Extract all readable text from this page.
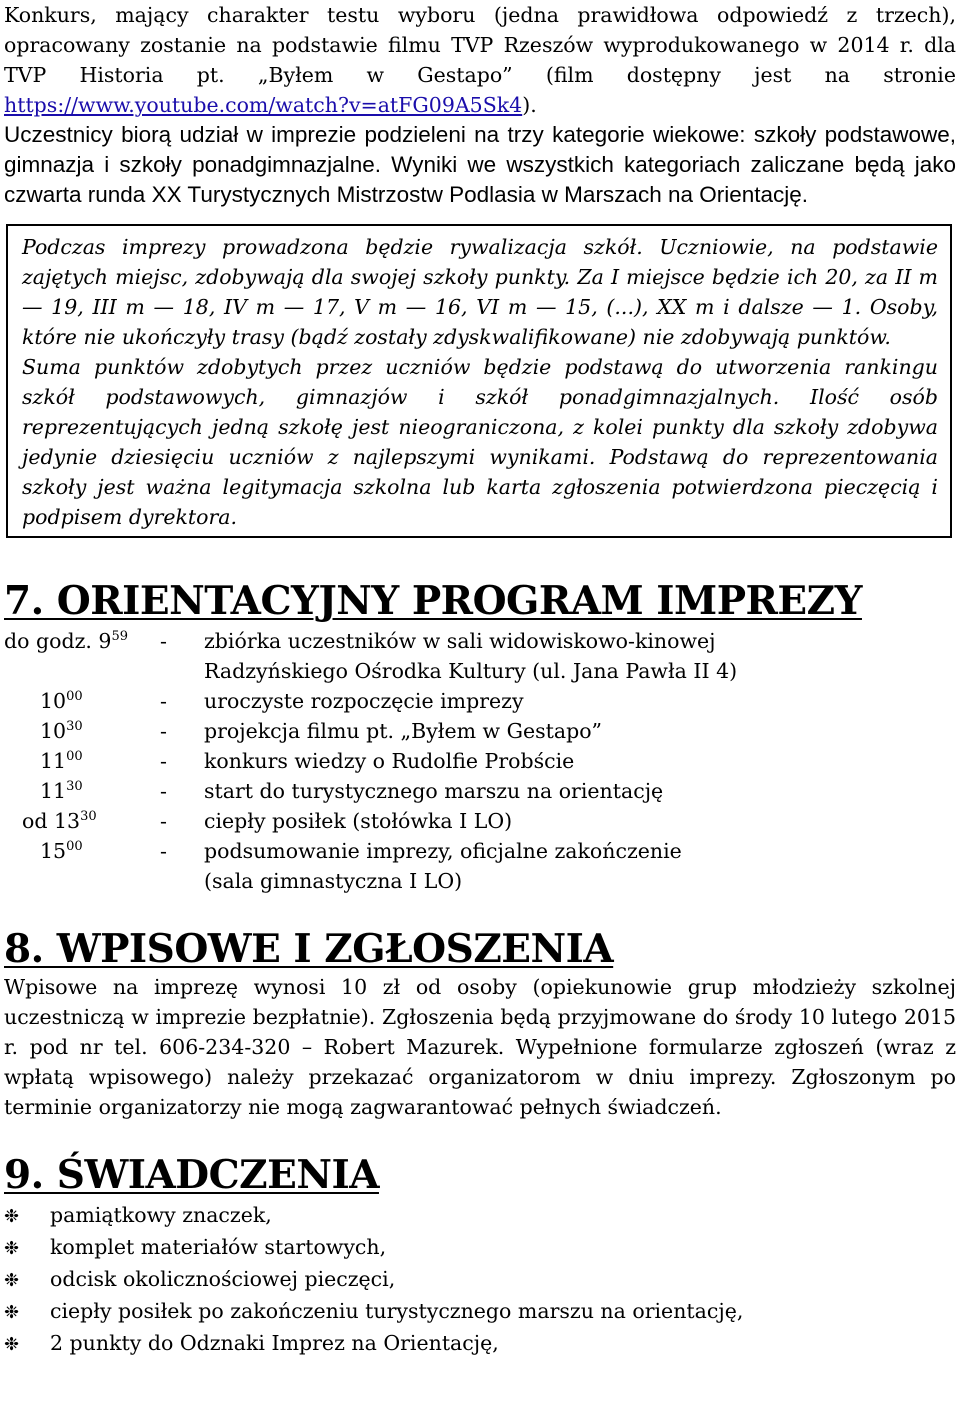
Konkurs, mający charakter testu wyboru (jedna prawidłowa odpowiedź z trzech), opracowany zostanie na podstawie filmu TVP Rzeszów wyprodukowanego w 2014 r. dla TVP Historia pt. „Byłem w Gestapo” (film dostępny jest na stronie https://www.youtube.com/watch?v=atFG09A5Sk4).

Uczestnicy biorą udział w imprezie podzieleni na trzy kategorie wiekowe: szkoły podstawowe, gimnazja i szkoły ponadgimnazjalne. Wyniki we wszystkich kategoriach zaliczane będą jako czwarta runda XX Turystycznych Mistrzostw Podlasia w Marszach na Orientację.

Podczas imprezy prowadzona będzie rywalizacja szkół. Uczniowie, na podstawie zajętych miejsc, zdobywają dla swojej szkoły punkty. Za I miejsce będzie ich 20, za II m — 19, III m — 18, IV m — 17, V m — 16, VI m — 15, (...), XX m i dalsze — 1. Osoby, które nie ukończyły trasy (bądź zostały zdyskwalifikowane) nie zdobywają punktów.

Suma punktów zdobytych przez uczniów będzie podstawą do utworzenia rankingu szkół podstawowych, gimnazjów i szkół ponadgimnazjalnych. Ilość osób reprezentujących jedną szkołę jest nieograniczona, z kolei punkty dla szkoły zdobywa jedynie dziesięciu uczniów z najlepszymi wynikami. Podstawą do reprezentowania szkoły jest ważna legitymacja szkolna lub karta zgłoszenia potwierdzona pieczęcią i podpisem dyrektora.

7. ORIENTACYJNY PROGRAM IMPREZY
do godz. $9^{59}$	-	zbiórka uczestników w sali widowiskowo-kinowej
Radzyńskiego Ośrodka Kultury (ul. Jana Pawła II 4)

$10^{00}$	-	uroczyste rozpoczęcie imprezy

$10^{30}$	-	projekcja filmu pt. „Byłem w Gestapo”

$11^{00}$	-	konkurs wiedzy o Rudolfie Probście

$11^{30}$	-	start do turystycznego marszu na orientację

od $13^{30}$	-	ciepły posiłek (stołówka I LO)

$15^{00}$	-	podsumowanie imprezy, oficjalne zakończenie
(sala gimnastyczna I LO)
8. WPISOWE I ZGŁOSZENIA

Wpisowe na imprezę wynosi 10 zł od osoby (opiekunowie grup młodzieży szkolnej uczestniczą w imprezie bezpłatnie). Zgłoszenia będą przyjmowane do środy 10 lutego 2015 r. pod nr tel. 606-234-320 – Robert Mazurek. Wypełnione formularze zgłoszeń (wraz z wpłatą wpisowego) należy przekazać organizatorom w dniu imprezy. Zgłoszonym po terminie organizatorzy nie mogą zagwarantować pełnych świadczeń.

9. ŚWIADCZENIA
❉	pamiątkowy znaczek,
❉	komplet materiałów startowych,
❉	odcisk okolicznościowej pieczęci,
❉	ciepły posiłek po zakończeniu turystycznego marszu na orientację,
❉	2 punkty do Odznaki Imprez na Orientację,
